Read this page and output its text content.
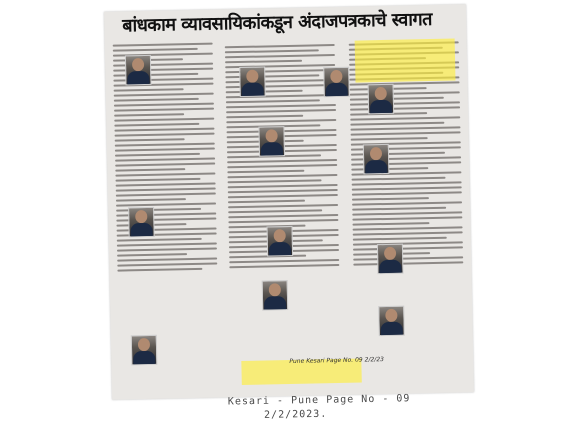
बांधकाम व्यावसायिकांकडून अंदाजपत्रकाचे स्वागत
Pune Kesari Page No. 09 2/2/23
Kesari - Pune Page No - 09
2/2/2023.
